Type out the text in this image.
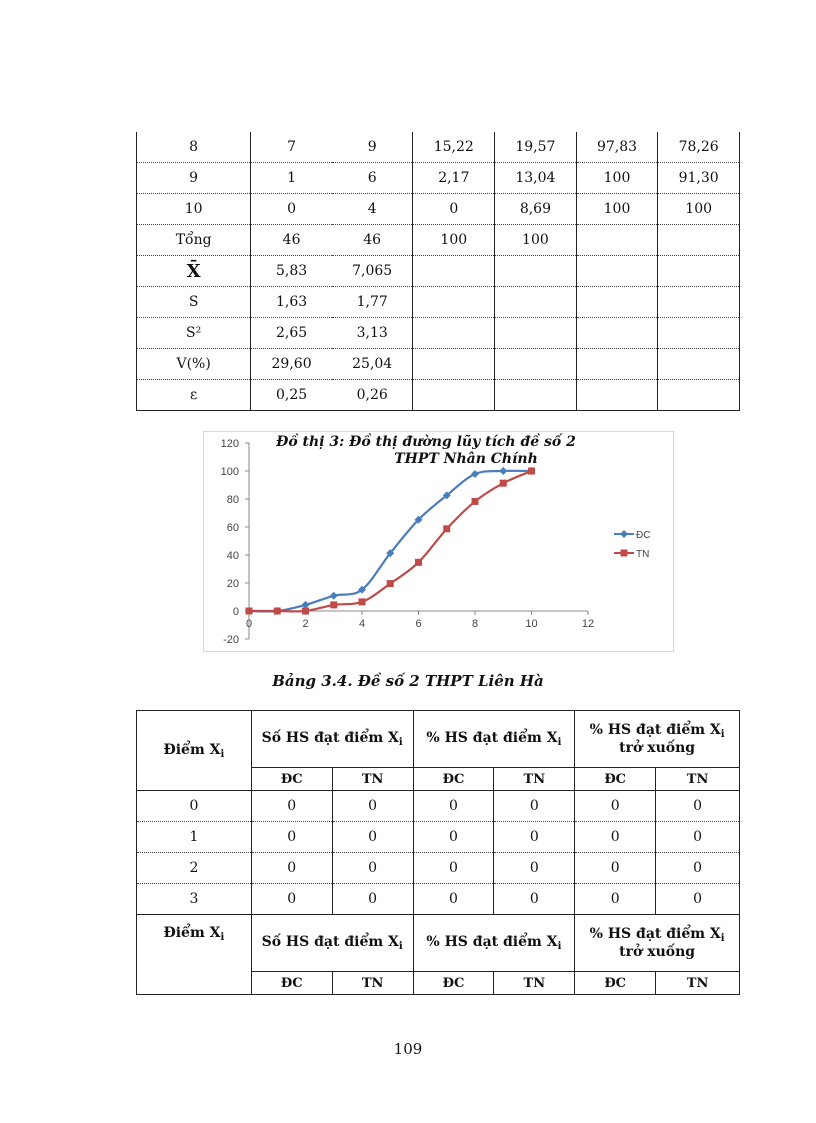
8	7	9	15,22	19,57	97,83	78,26
9	1	6	2,17	13,04	100	91,30
10	0	4	0	8,69	100	100
Tổng	46	46	100	100		
X̄	5,83	7,065				
S	1,63	1,77				
S²	2,65	3,13				
V(%)	29,60	25,04				
ε	0,25	0,26				
-20
0
20
40
60
80
100
120
0	2	4	6	8	10	12
ĐC
TN
Đồ thị 3: Đồ thị đường lũy tích đề số 2
THPT Nhân Chính
Bảng 3.4. Đề số 2 THPT Liên Hà
Điểm $X_i$	Số HS đạt điểm $X_i$		% HS đạt điểm $X_i$		% HS đạt điểm $X_i$
trở xuống	
	ĐC	TN	ĐC	TN	ĐC	TN
0	0	0	0	0	0	0
1	0	0	0	0	0	0
2	0	0	0	0	0	0
3	0	0	0	0	0	0
Điểm $X_i$	Số HS đạt điểm $X_i$		% HS đạt điểm $X_i$		% HS đạt điểm $X_i$
trở xuống	
	ĐC	TN	ĐC	TN	ĐC	TN
109
